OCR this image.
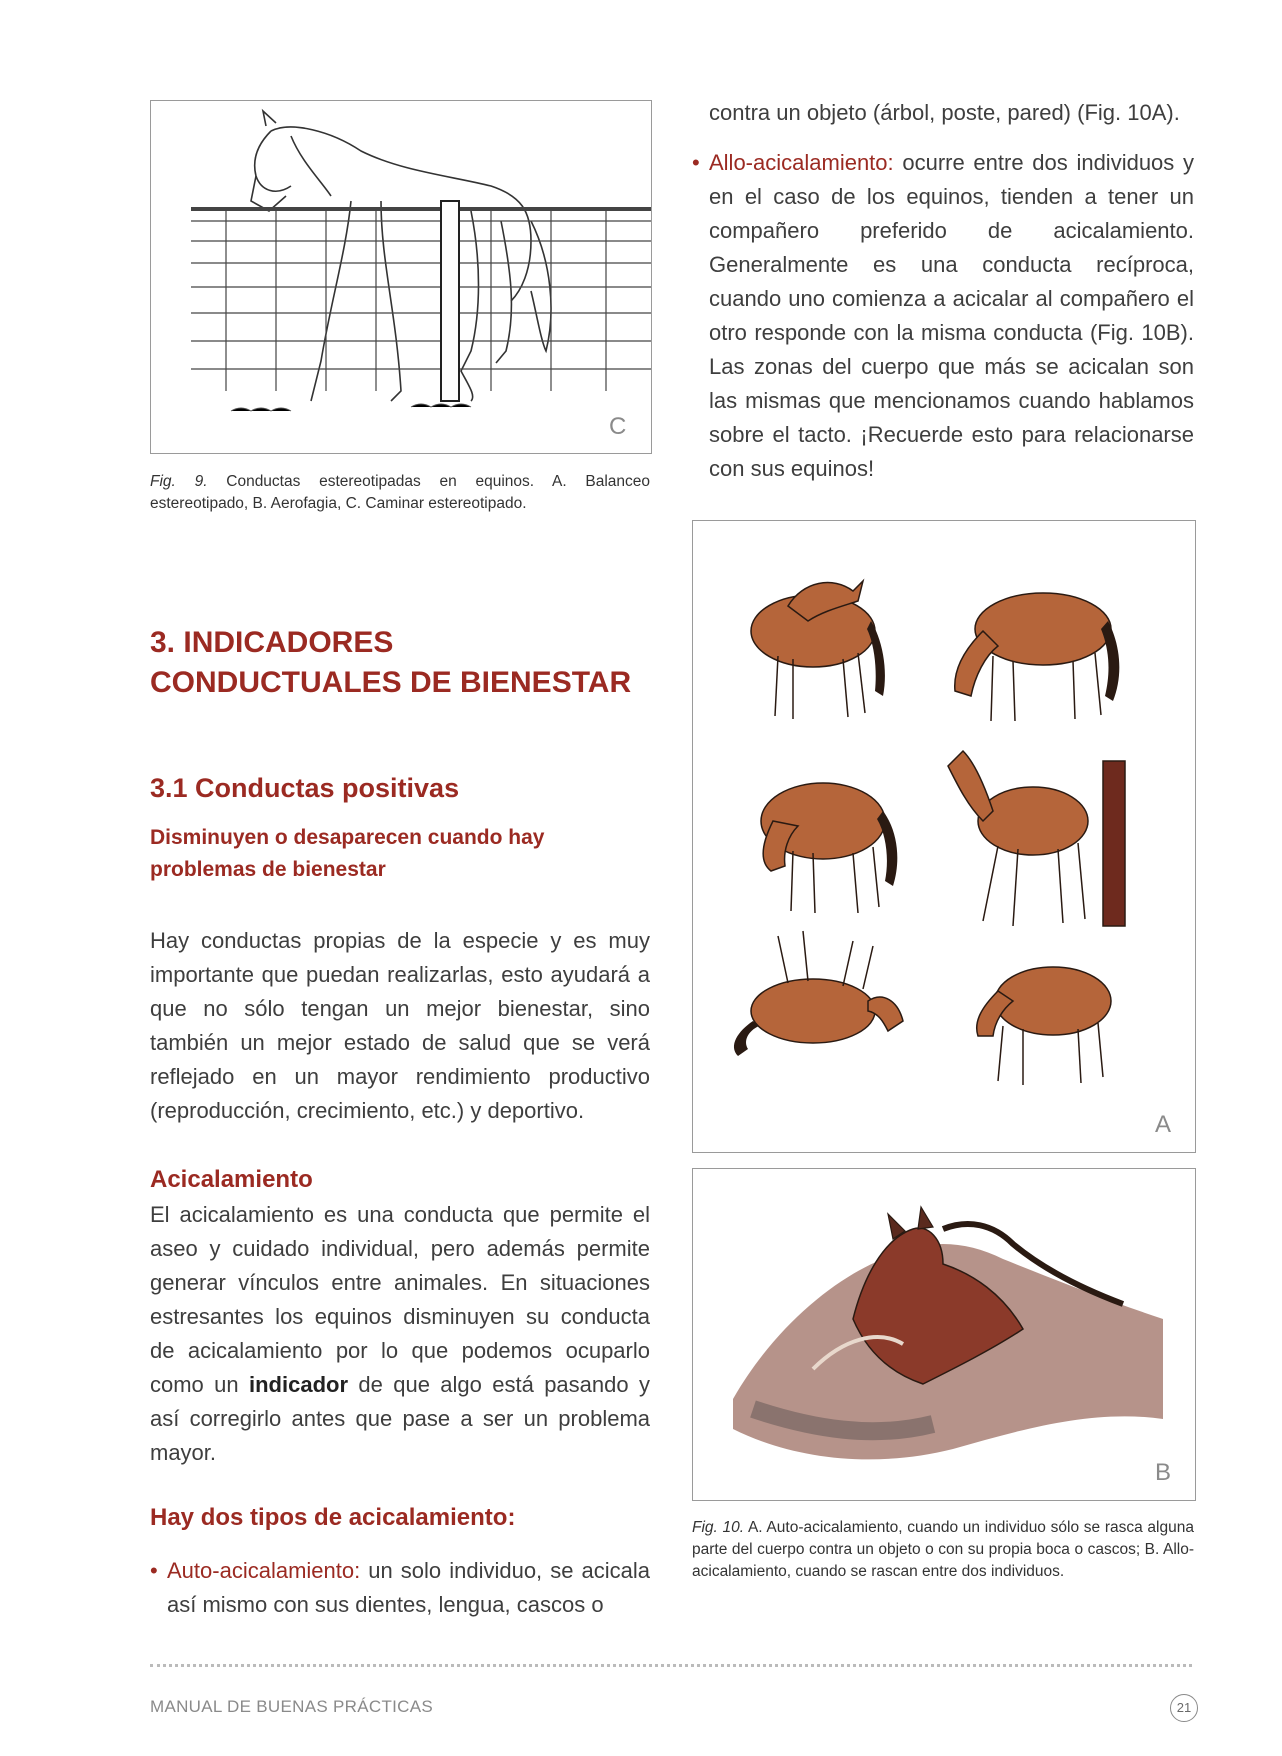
C
Fig. 9. Conductas estereotipadas en equinos. A. Balanceo estereotipado, B. Aerofagia, C. Caminar estereotipado.
contra un objeto (árbol, poste, pared) (Fig. 10A).
• Allo-acicalamiento: ocurre entre dos individuos y en el caso de los equinos, tienden a tener un compañero preferido de acicalamiento. Generalmente es una conducta recíproca, cuando uno comienza a acicalar al compañero el otro responde con la misma conducta (Fig. 10B). Las zonas del cuerpo que más se acicalan son las mismas que mencionamos cuando hablamos sobre el tacto. ¡Recuerde esto para relacionarse con sus equinos!
3. INDICADORES
CONDUCTUALES DE BIENESTAR
3.1 Conductas positivas
Disminuyen o desaparecen cuando hay problemas de bienestar
Hay conductas propias de la especie y es muy importante que puedan realizarlas, esto ayudará a que no sólo tengan un mejor bienestar, sino también un mejor estado de salud que se verá reflejado en un mayor rendimiento productivo (reproducción, crecimiento, etc.) y deportivo.
Acicalamiento
El acicalamiento es una conducta que permite el aseo y cuidado individual, pero además permite generar vínculos entre animales. En situaciones estresantes los equinos disminuyen su conducta de acicalamiento por lo que podemos ocuparlo como un indicador de que algo está pasando y así corregirlo antes que pase a ser un problema mayor.
Hay dos tipos de acicalamiento:
• Auto-acicalamiento: un solo individuo, se acicala así mismo con sus dientes, lengua, cascos o
A
B
Fig. 10. A. Auto-acicalamiento, cuando un individuo sólo se rasca alguna parte del cuerpo contra un objeto o con su propia boca o cascos; B. Allo-acicalamiento, cuando se rascan entre dos individuos.
MANUAL DE BUENAS PRÁCTICAS	21
